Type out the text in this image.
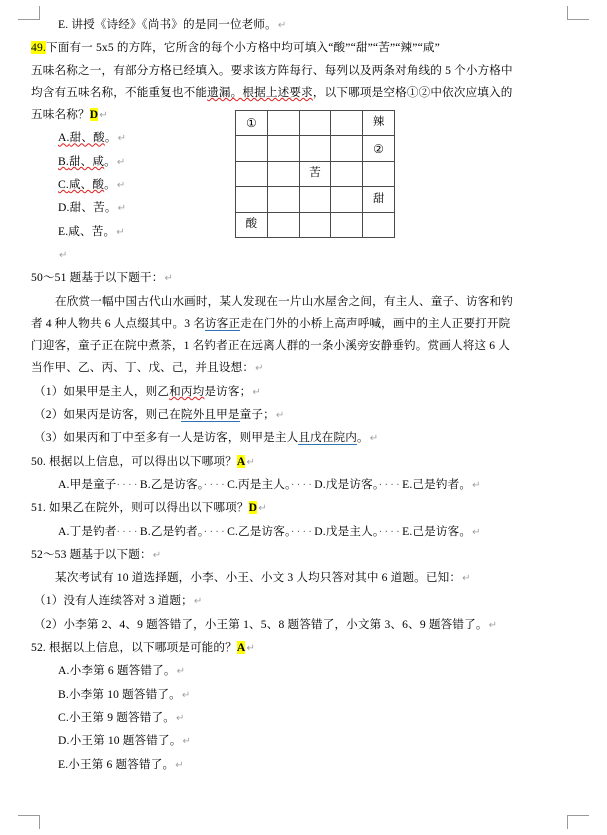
①				辣
				②
		苦		
				甜
酸				

E. 讲授《诗经》《尚书》的是同一位老师。↵

49.下面有一 5x5 的方阵，它所含的每个小方格中均可填入“酸”“甜”“苦”“辣”“咸”

五味名称之一，有部分方格已经填入。要求该方阵每行、每列以及两条对角线的 5 个小方格中

均含有五味名称，不能重复也不能遗漏。根据上述要求，以下哪项是空格①②中依次应填入的

五味名称？D↵

A.甜、酸。↵

B.甜、咸。↵

C.咸、酸。↵

D.甜、苦。↵

E.咸、苦。↵

↵

50～51 题基于以下题干：↵

在欣赏一幅中国古代山水画时，某人发现在一片山水屋舍之间，有主人、童子、访客和钓

者 4 种人物共 6 人点缀其中。3 名访客正走在门外的小桥上高声呼喊，画中的主人正要打开院

门迎客，童子正在院中煮茶，1 名钓者正在远离人群的一条小溪旁安静垂钓。赏画人将这 6 人

当作甲、乙、丙、丁、戊、己，并且设想：↵

（1）如果甲是主人，则乙和丙均是访客；↵

（2）如果丙是访客，则己在院外且甲是童子；↵

（3）如果丙和丁中至多有一人是访客，则甲是主人且戊在院内。↵

50. 根据以上信息，可以得出以下哪项？A↵

A.甲是童子····B.乙是访客。····C.丙是主人。····D.戊是访客。····E.己是钓者。↵

51. 如果乙在院外，则可以得出以下哪项？D↵

A.丁是钓者····B.乙是钓者。····C.乙是访客。····D.戊是主人。····E.己是访客。↵

52～53 题基于以下题：↵

某次考试有 10 道选择题，小李、小王、小文 3 人均只答对其中 6 道题。已知：↵

（1）没有人连续答对 3 道题；↵

（2）小李第 2、4、9 题答错了，小王第 1、5、8 题答错了，小文第 3、6、9 题答错了。↵

52. 根据以上信息，以下哪项是可能的？A↵

A.小李第 6 题答错了。↵

B.小李第 10 题答错了。↵

C.小王第 9 题答错了。↵

D.小王第 10 题答错了。↵

E.小王第 6 题答错了。↵
